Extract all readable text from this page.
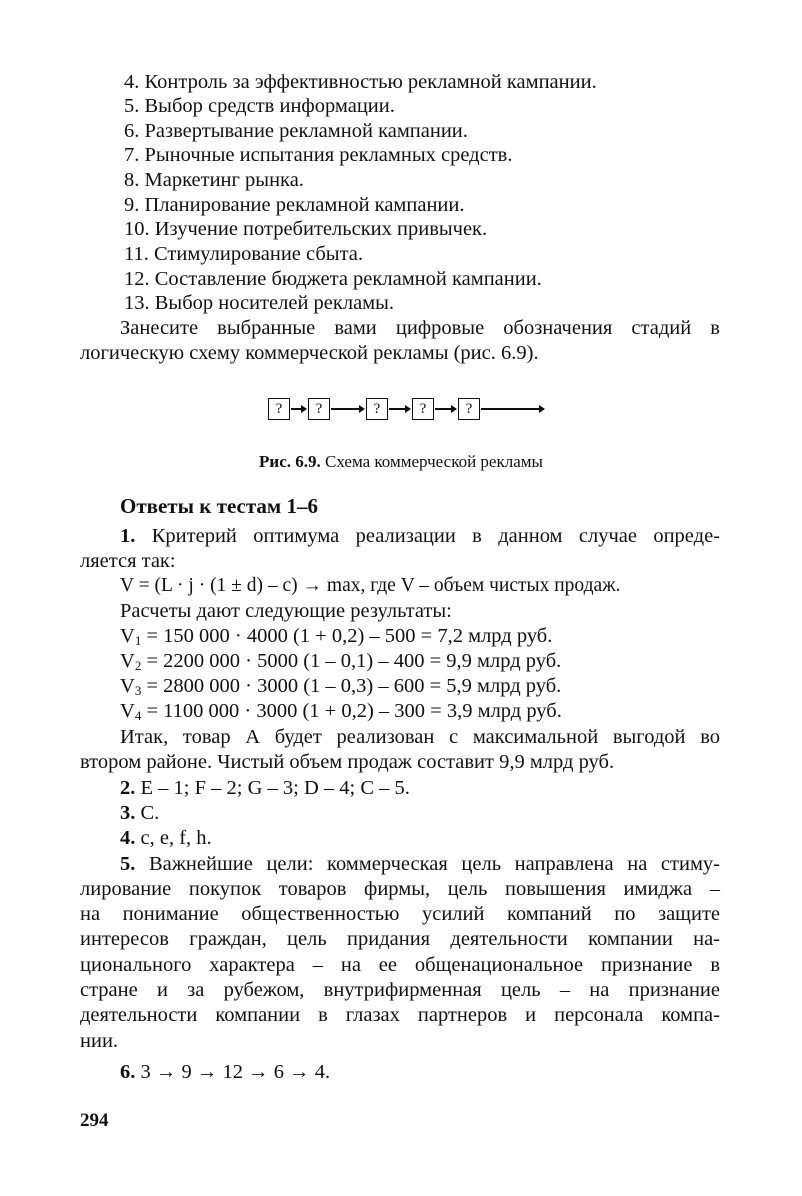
4. Контроль за эффективностью рекламной кампании.
5. Выбор средств информации.
6. Развертывание рекламной кампании.
7. Рыночные испытания рекламных средств.
8. Маркетинг рынка.
9. Планирование рекламной кампании.
10. Изучение потребительских привычек.
11. Стимулирование сбыта.
12. Составление бюджета рекламной кампании.
13. Выбор носителей рекламы.
Занесите выбранные вами цифровые обозначения стадий в
логическую схему коммерческой рекламы (рис. 6.9).
?	?	?	?	?
Рис. 6.9. Схема коммерческой рекламы
Ответы к тестам 1–6
1. Критерий оптимума реализации в данном случае опреде-
ляется так:
V = (L · j · (1 ± d) – c) → max, где V – объем чистых продаж.
Расчеты дают следующие результаты:
$V_1 = 150$ 000 · 4000 (1 + 0,2) – 500 = 7,2 млрд руб.
$V_2 = 2200$ 000 · 5000 (1 – 0,1) – 400 = 9,9 млрд руб.
$V_3 = 2800$ 000 · 3000 (1 – 0,3) – 600 = 5,9 млрд руб.
$V_4 = 1100$ 000 · 3000 (1 + 0,2) – 300 = 3,9 млрд руб.
Итак, товар А будет реализован с максимальной выгодой во
втором районе. Чистый объем продаж составит 9,9 млрд руб.
2. E – 1; F – 2; G – 3; D – 4; C – 5.
3. C.
4. c, e, f, h.
5. Важнейшие цели: коммерческая цель направлена на стиму-
лирование покупок товаров фирмы, цель повышения имиджа –
на понимание общественностью усилий компаний по защите
интересов граждан, цель придания деятельности компании на-
ционального характера – на ее общенациональное признание в
стране и за рубежом, внутрифирменная цель – на признание
деятельности компании в глазах партнеров и персонала компа-
нии.
6. 3 → 9 → 12 → 6 → 4.
294
